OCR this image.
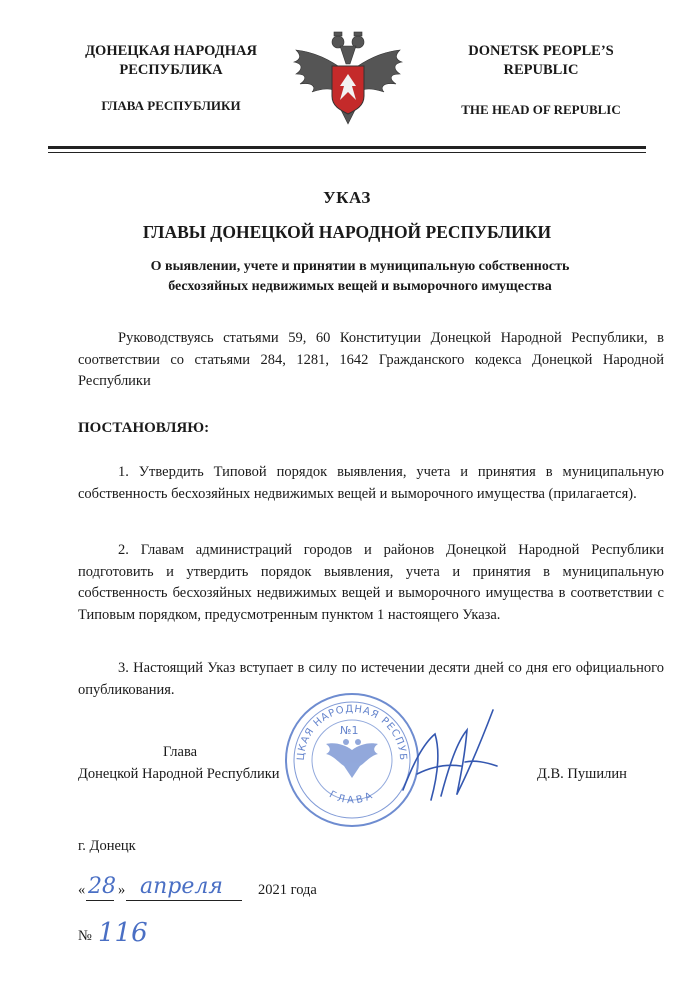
ДОНЕЦКАЯ НАРОДНАЯ
РЕСПУБЛИКА
ГЛАВА РЕСПУБЛИКИ
DONETSK PEOPLE’S
REPUBLIC
THE HEAD OF REPUBLIC
УКАЗ
ГЛАВЫ ДОНЕЦКОЙ НАРОДНОЙ РЕСПУБЛИКИ
О выявлении, учете и принятии в муниципальную собственность
бесхозяйных недвижимых вещей и выморочного имущества
Руководствуясь статьями 59, 60 Конституции Донецкой Народной Республики, в соответствии со статьями 284, 1281, 1642 Гражданского кодекса Донецкой Народной Республики
ПОСТАНОВЛЯЮ:
1. Утвердить Типовой порядок выявления, учета и принятия в муниципальную собственность бесхозяйных недвижимых вещей и выморочного имущества (прилагается).
2. Главам администраций городов и районов Донецкой Народной Республики подготовить и утвердить порядок выявления, учета и принятия в муниципальную собственность бесхозяйных недвижимых вещей и выморочного имущества в соответствии с Типовым порядком, предусмотренным пунктом 1 настоящего Указа.
3. Настоящий Указ вступает в силу по истечении десяти дней со дня его официального опубликования.
ЦКАЯ НАРОДНАЯ РЕСПУБ
ГЛАВА
№1
Глава
Донецкой Народной Республики	Д.В. Пушилин
г. Донецк
« 28 » апреля 2021 года
№ 116
